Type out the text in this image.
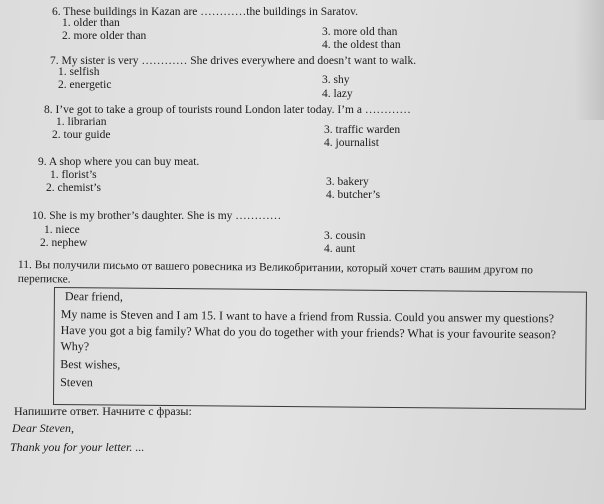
6. These buildings in Kazan are …………the buildings in Saratov.
1. older than
2. more older than	3. more old than
4. the oldest than
7. My sister is very ………… She drives everywhere and doesn’t want to walk.
1. selfish
2. energetic	3. shy
4. lazy
8. I’ve got to take a group of tourists round London later today. I’m a …………
1. librarian
2. tour guide	3. traffic warden
4. journalist
9. A shop where you can buy meat.
1. florist’s
2. chemist’s	3. bakery
4. butcher’s
10. She is my brother’s daughter. She is my …………
1. niece
2. nephew
3. cousin
4. aunt
11. Вы получили письмо от вашего ровесника из Великобритании, который хочет стать вашим другом по переписке.
Dear friend,
My name is Steven and I am 15. I want to have a friend from Russia. Could you answer my questions? Have you got a big family? What do you do together with your friends? What is your favourite season? Why?
Best wishes,
Steven
Напишите ответ. Начните с фразы:
Dear Steven,
Thank you for your letter. ...
